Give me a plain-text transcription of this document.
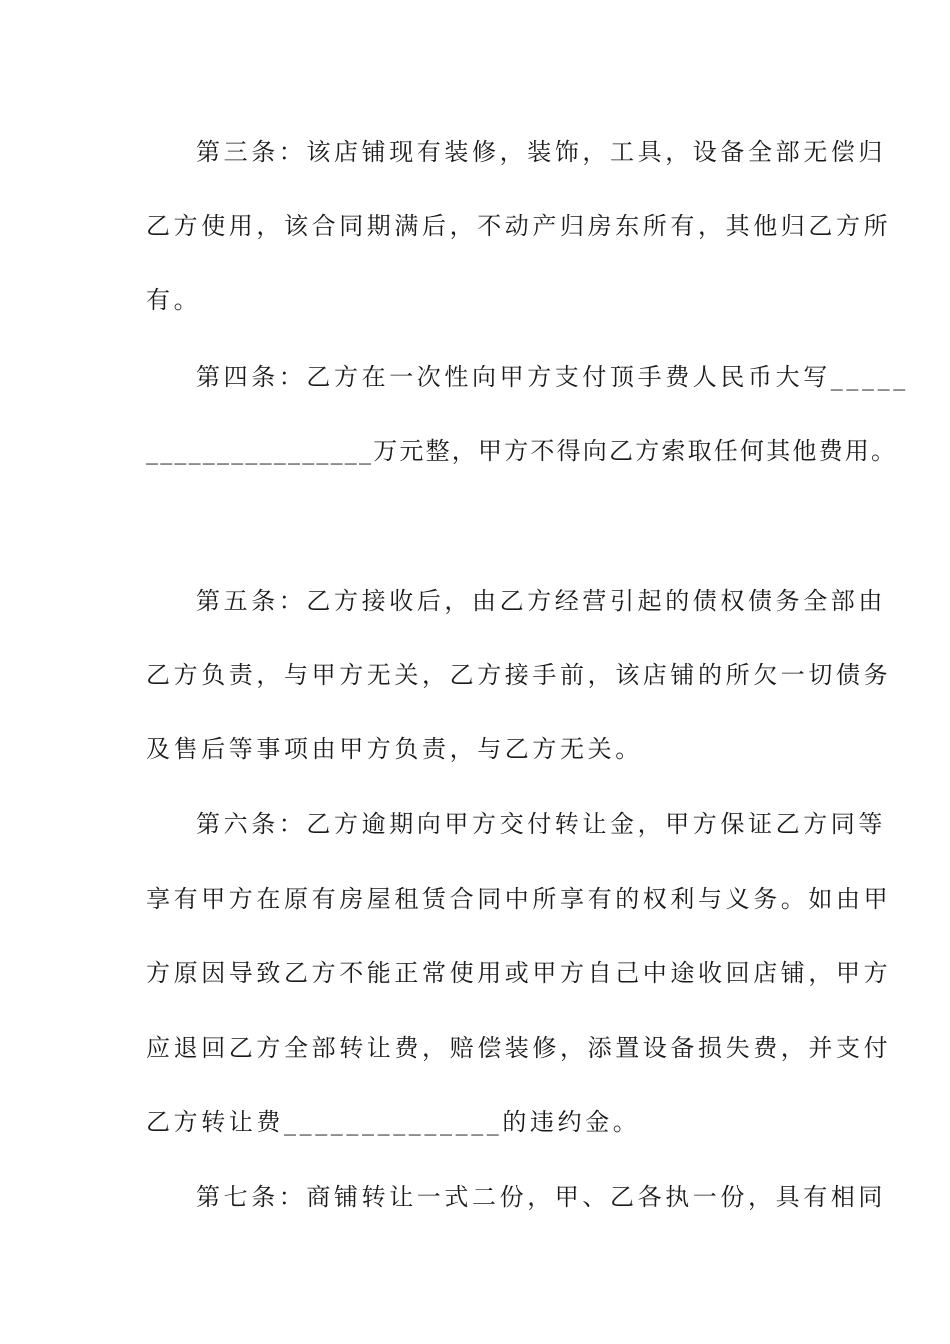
第三条：该店铺现有装修，装饰，工具，设备全部无偿归
乙方使用，该合同期满后，不动产归房东所有，其他归乙方所
有。
第四条：乙方在一次性向甲方支付顶手费人民币大写_____
________________万元整，甲方不得向乙方索取任何其他费用。
第五条：乙方接收后，由乙方经营引起的债权债务全部由
乙方负责，与甲方无关，乙方接手前，该店铺的所欠一切债务
及售后等事项由甲方负责，与乙方无关。
第六条：乙方逾期向甲方交付转让金，甲方保证乙方同等
享有甲方在原有房屋租赁合同中所享有的权利与义务。如由甲
方原因导致乙方不能正常使用或甲方自己中途收回店铺，甲方
应退回乙方全部转让费，赔偿装修，添置设备损失费，并支付
乙方转让费______________的违约金。
第七条：商铺转让一式二份，甲、乙各执一份，具有相同
